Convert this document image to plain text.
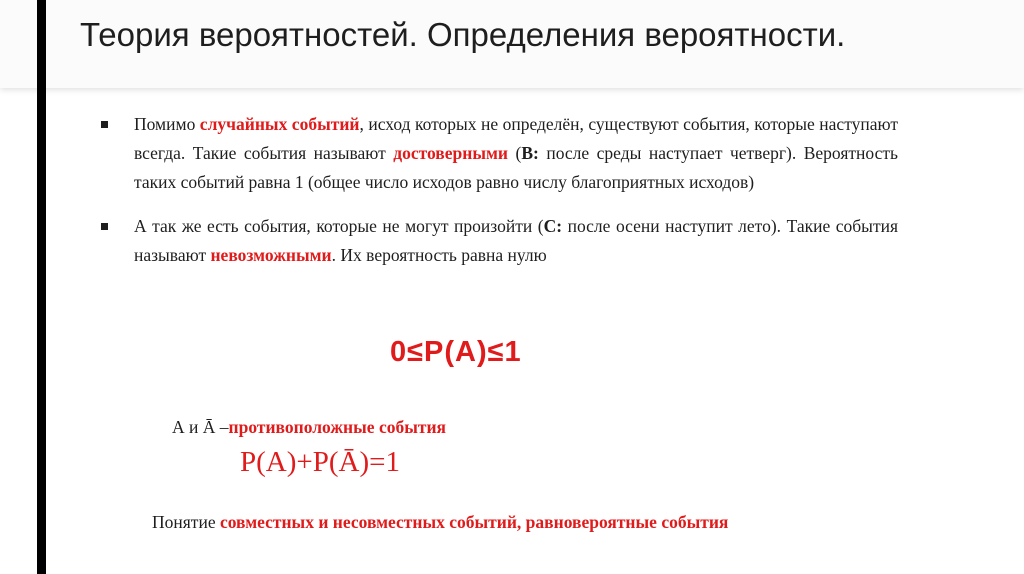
Теория вероятностей. Определения вероятности.
Помимо случайных событий, исход которых не определён, существуют события, которые наступают всегда. Такие события называют достоверными (B: после среды наступает четверг). Вероятность таких событий равна 1 (общее число исходов равно числу благоприятных исходов)
А так же есть события, которые не могут произойти (С: после осени наступит лето). Такие события называют невозможными. Их вероятность равна нулю
0≤P(A)≤1
А и Ā –противоположные события
P(A)+P(Ā)=1
Понятие совместных и несовместных событий, равновероятные события
